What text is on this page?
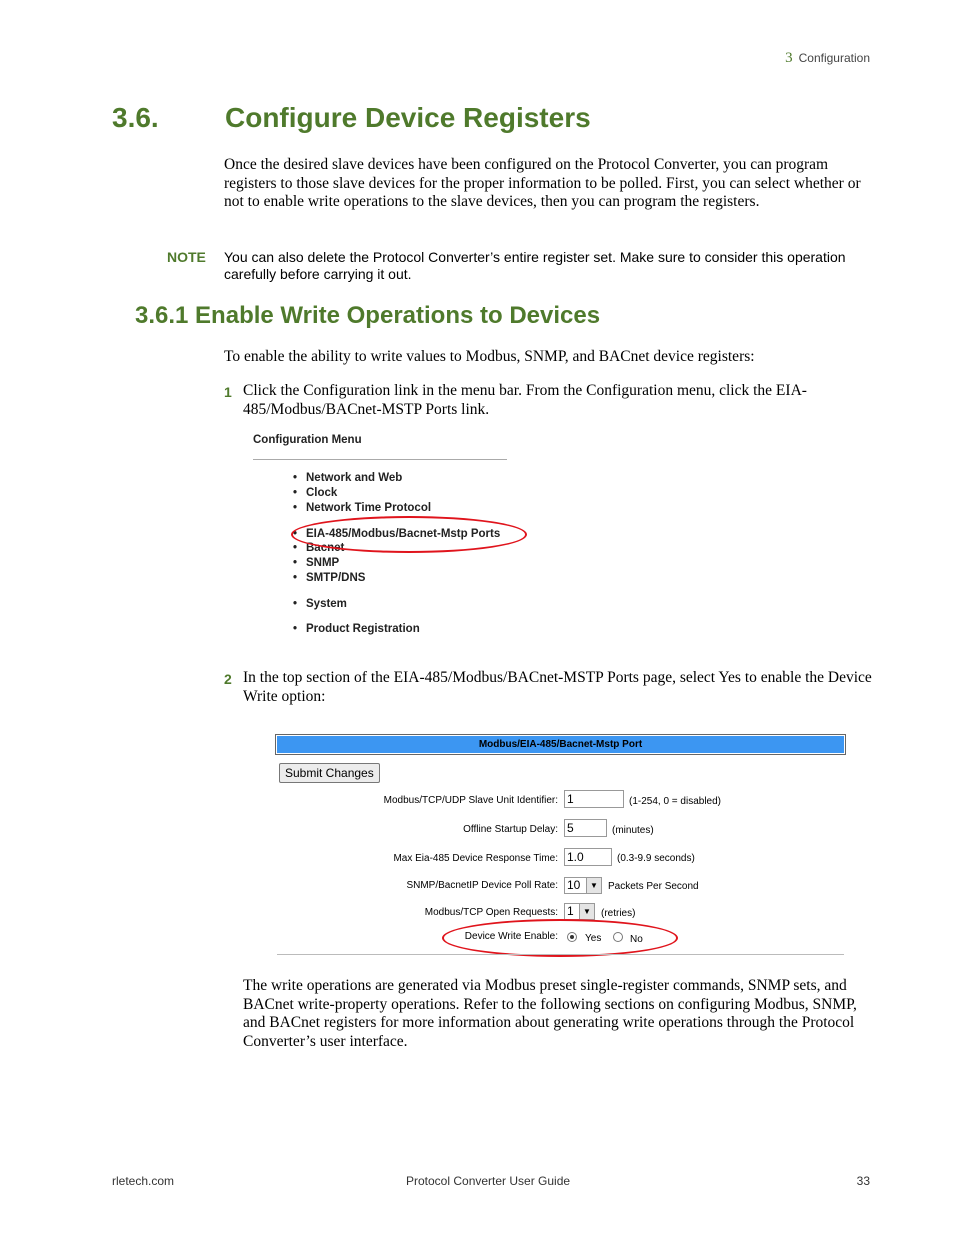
3 Configuration
3.6. Configure Device Registers
Once the desired slave devices have been configured on the Protocol Converter, you can program registers to those slave devices for the proper information to be polled. First, you can select whether or not to enable write operations to the slave devices, then you can program the registers.
NOTE You can also delete the Protocol Converter’s entire register set. Make sure to consider this operation carefully before carrying it out.
3.6.1 Enable Write Operations to Devices
To enable the ability to write values to Modbus, SNMP, and BACnet device registers:
1 Click the Configuration link in the menu bar. From the Configuration menu, click the EIA-485/Modbus/BACnet-MSTP Ports link.
Configuration Menu
• Network and Web
• Clock
• Network Time Protocol
• EIA-485/Modbus/Bacnet-Mstp Ports
• Bacnet
• SNMP
• SMTP/DNS
• System
• Product Registration
2 In the top section of the EIA-485/Modbus/BACnet-MSTP Ports page, select Yes to enable the Device Write option:
Modbus/EIA-485/Bacnet-Mstp Port
Submit Changes
Modbus/TCP/UDP Slave Unit Identifier: 1	(1-254, 0 = disabled)
Offline Startup Delay: 5	(minutes)
Max Eia-485 Device Response Time: 1.0	(0.3-9.9 seconds)
SNMP/BacnetIP Device Poll Rate: 10	▼	Packets Per Second
Modbus/TCP Open Requests: 1	▼	(retries)
Device Write Enable:	Yes	No
The write operations are generated via Modbus preset single-register commands, SNMP sets, and BACnet write-property operations. Refer to the following sections on configuring Modbus, SNMP, and BACnet registers for more information about generating write operations through the Protocol Converter’s user interface.
rletech.com	Protocol Converter User Guide	33
